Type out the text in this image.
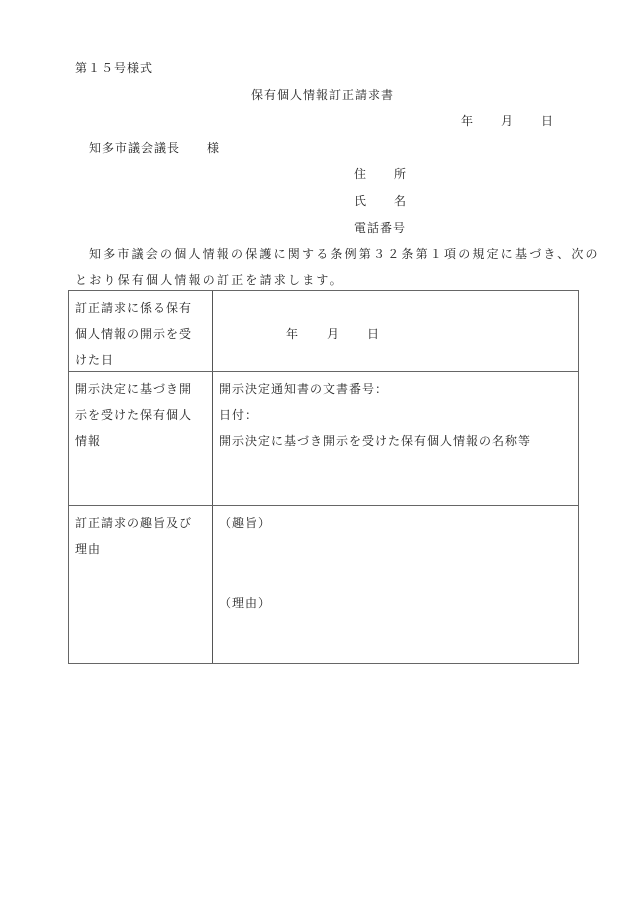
第１５号様式
保有個人情報訂正請求書
年 月 日
知多市議会議長 様
住 所
氏 名
電話番号
知多市議会の個人情報の保護に関する条例第３２条第１項の規定に基づき、次の
とおり保有個人情報の訂正を請求します。
訂正請求に係る保有
個人情報の開示を受
けた日
年 月 日
開示決定に基づき開
示を受けた保有個人
情報
開示決定通知書の文書番号：
日付：
開示決定に基づき開示を受けた保有個人情報の名称等
訂正請求の趣旨及び
理由
（趣旨）
（理由）
